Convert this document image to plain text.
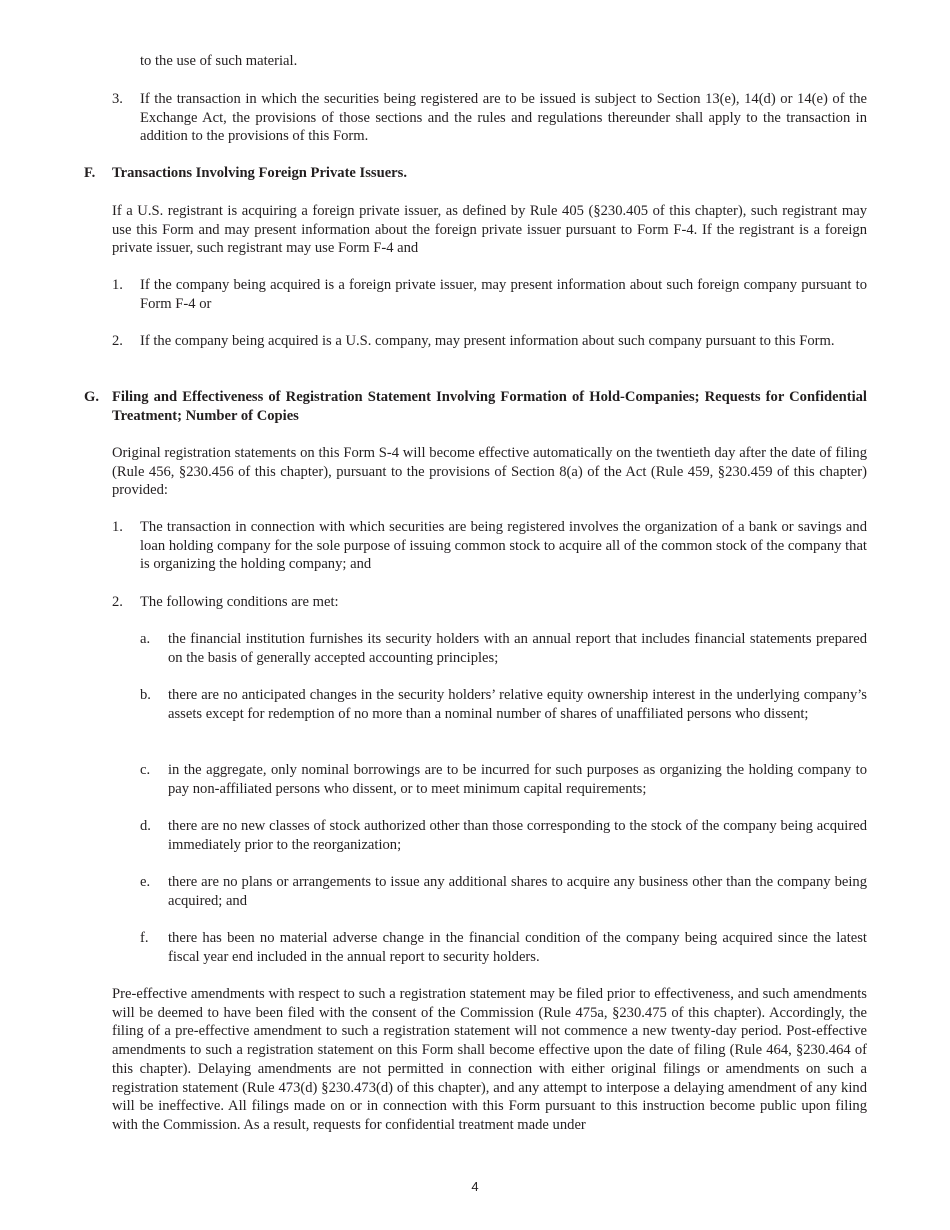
to the use of such material.

3. If the transaction in which the securities being registered are to be issued is subject to Section 13(e), 14(d) or 14(e) of the Exchange Act, the provisions of those sections and the rules and regulations thereunder shall apply to the transaction in addition to the provisions of this Form.

F. Transactions Involving Foreign Private Issuers.

If a U.S. registrant is acquiring a foreign private issuer, as defined by Rule 405 (§230.405 of this chapter), such registrant may use this Form and may present information about the foreign private issuer pursuant to Form F-4. If the registrant is a foreign private issuer, such registrant may use Form F-4 and

1. If the company being acquired is a foreign private issuer, may present information about such foreign company pursuant to Form F-4 or

2. If the company being acquired is a U.S. company, may present information about such company pursuant to this Form.

G. Filing and Effectiveness of Registration Statement Involving Formation of Hold-Companies; Requests for Confidential Treatment; Number of Copies

Original registration statements on this Form S-4 will become effective automatically on the twentieth day after the date of filing (Rule 456, §230.456 of this chapter), pursuant to the provisions of Section 8(a) of the Act (Rule 459, §230.459 of this chapter) provided:

1. The transaction in connection with which securities are being registered involves the organization of a bank or savings and loan holding company for the sole purpose of issuing common stock to acquire all of the common stock of the company that is organizing the holding company; and

2. The following conditions are met:

a. the financial institution furnishes its security holders with an annual report that includes financial statements prepared on the basis of generally accepted accounting principles;

b. there are no anticipated changes in the security holders’ relative equity ownership interest in the underlying company’s assets except for redemption of no more than a nominal number of shares of unaffiliated persons who dissent;

c. in the aggregate, only nominal borrowings are to be incurred for such purposes as organizing the holding company to pay non-affiliated persons who dissent, or to meet minimum capital requirements;

d. there are no new classes of stock authorized other than those corresponding to the stock of the company being acquired immediately prior to the reorganization;

e. there are no plans or arrangements to issue any additional shares to acquire any business other than the company being acquired; and

f. there has been no material adverse change in the financial condition of the company being acquired since the latest fiscal year end included in the annual report to security holders.

Pre-effective amendments with respect to such a registration statement may be filed prior to effectiveness, and such amendments will be deemed to have been filed with the consent of the Commission (Rule 475a, §230.475 of this chapter). Accordingly, the filing of a pre-effective amendment to such a registration statement will not commence a new twenty-day period. Post-effective amendments to such a registration statement on this Form shall become effective upon the date of filing (Rule 464, §230.464 of this chapter). Delaying amendments are not permitted in connection with either original filings or amendments on such a registration statement (Rule 473(d) §230.473(d) of this chapter), and any attempt to interpose a delaying amendment of any kind will be ineffective. All filings made on or in connection with this Form pursuant to this instruction become public upon filing with the Commission. As a result, requests for confidential treatment made under

4
